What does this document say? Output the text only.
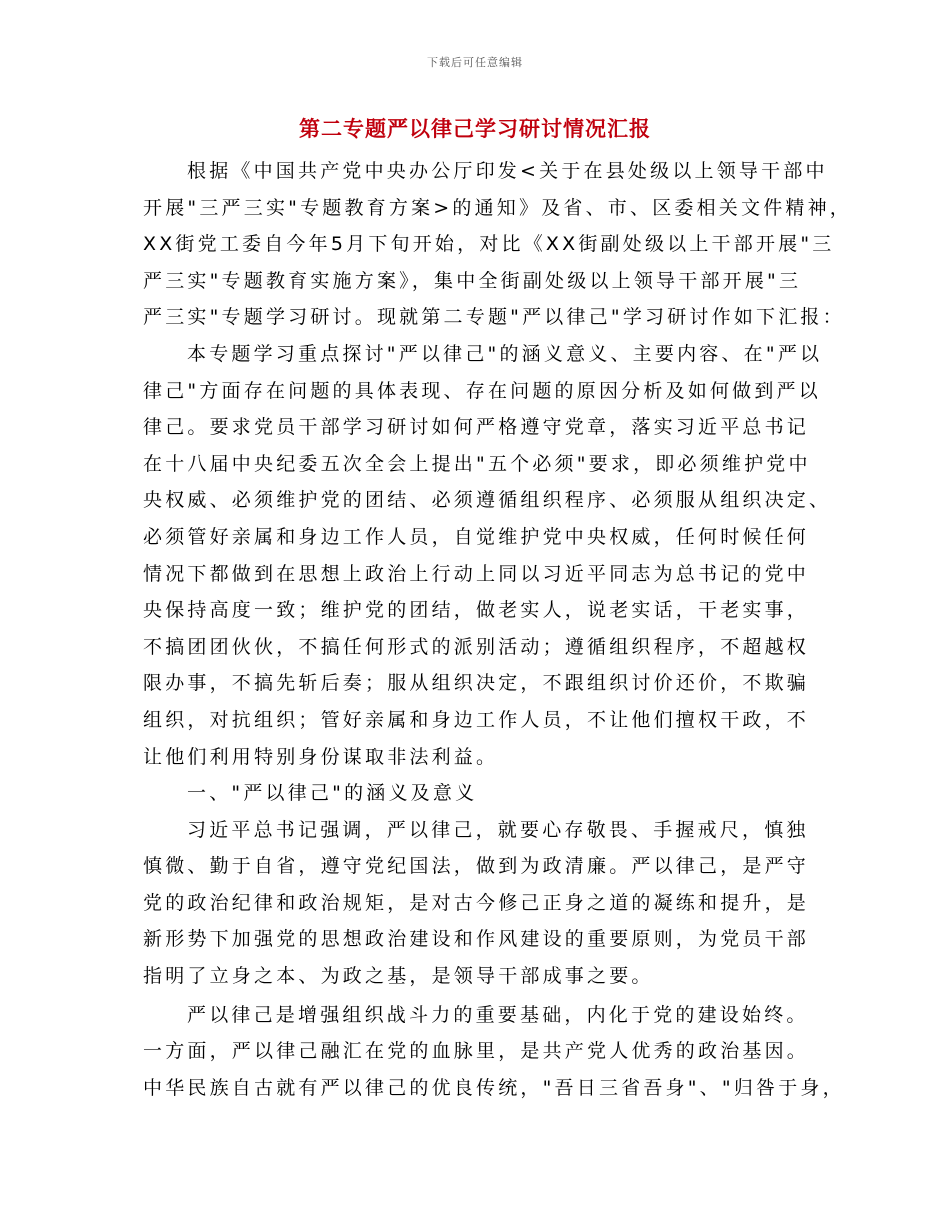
下载后可任意编辑
第二专题严以律己学习研讨情况汇报
根据《中国共产党中央办公厅印发<关于在县处级以上领导干部中
开展"三严三实"专题教育方案>的通知》及省、市、区委相关文件精神，
XX街党工委自今年5月下旬开始，对比《XX街副处级以上干部开展"三
严三实"专题教育实施方案》，集中全街副处级以上领导干部开展"三
严三实"专题学习研讨。现就第二专题"严以律己"学习研讨作如下汇报：
本专题学习重点探讨"严以律己"的涵义意义、主要内容、在"严以
律己"方面存在问题的具体表现、存在问题的原因分析及如何做到严以
律己。要求党员干部学习研讨如何严格遵守党章，落实习近平总书记
在十八届中央纪委五次全会上提出"五个必须"要求，即必须维护党中
央权威、必须维护党的团结、必须遵循组织程序、必须服从组织决定、
必须管好亲属和身边工作人员，自觉维护党中央权威，任何时候任何
情况下都做到在思想上政治上行动上同以习近平同志为总书记的党中
央保持高度一致；维护党的团结，做老实人，说老实话，干老实事，
不搞团团伙伙，不搞任何形式的派别活动；遵循组织程序，不超越权
限办事，不搞先斩后奏；服从组织决定，不跟组织讨价还价，不欺骗
组织，对抗组织；管好亲属和身边工作人员，不让他们擅权干政，不
让他们利用特别身份谋取非法利益。
一、"严以律己"的涵义及意义
习近平总书记强调，严以律己，就要心存敬畏、手握戒尺，慎独
慎微、勤于自省，遵守党纪国法，做到为政清廉。严以律己，是严守
党的政治纪律和政治规矩，是对古今修己正身之道的凝练和提升，是
新形势下加强党的思想政治建设和作风建设的重要原则，为党员干部
指明了立身之本、为政之基，是领导干部成事之要。
严以律己是增强组织战斗力的重要基础，内化于党的建设始终。
一方面，严以律己融汇在党的血脉里，是共产党人优秀的政治基因。
中华民族自古就有严以律己的优良传统，"吾日三省吾身"、"归咎于身，
